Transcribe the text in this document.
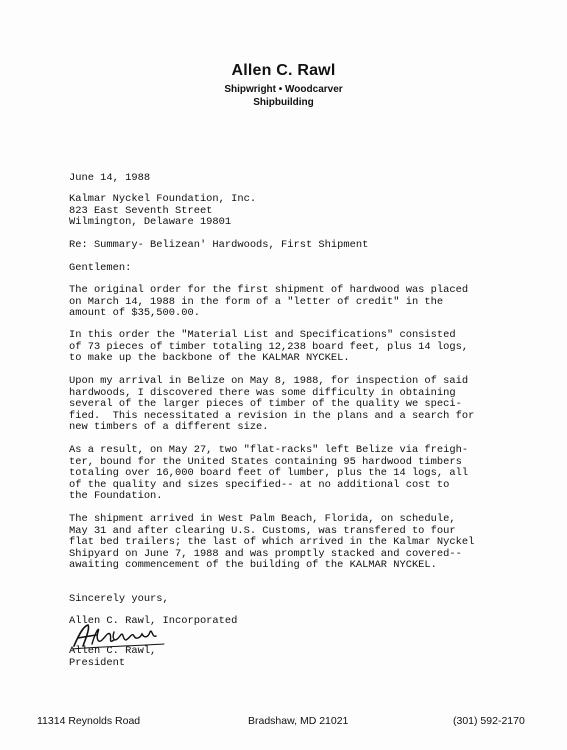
Allen C. Rawl
Shipwright • Woodcarver
Shipbuilding
June 14, 1988
Kalmar Nyckel Foundation, Inc.
823 East Seventh Street
Wilmington, Delaware 19801
Re: Summary- Belizean' Hardwoods, First Shipment
Gentlemen:
The original order for the first shipment of hardwood was placed
on March 14, 1988 in the form of a "letter of credit" in the
amount of $35,500.00.
In this order the "Material List and Specifications" consisted
of 73 pieces of timber totaling 12,238 board feet, plus 14 logs,
to make up the backbone of the KALMAR NYCKEL.
Upon my arrival in Belize on May 8, 1988, for inspection of said
hardwoods, I discovered there was some difficulty in obtaining
several of the larger pieces of timber of the quality we speci-
fied.  This necessitated a revision in the plans and a search for
new timbers of a different size.
As a result, on May 27, two "flat-racks" left Belize via freigh-
ter, bound for the United States containing 95 hardwood timbers
totaling over 16,000 board feet of lumber, plus the 14 logs, all
of the quality and sizes specified-- at no additional cost to
the Foundation.
The shipment arrived in West Palm Beach, Florida, on schedule,
May 31 and after clearing U.S. Customs, was transfered to four
flat bed trailers; the last of which arrived in the Kalmar Nyckel
Shipyard on June 7, 1988 and was promptly stacked and covered--
awaiting commencement of the building of the KALMAR NYCKEL.
Sincerely yours,
Allen C. Rawl, Incorporated
Allen C. Rawl,
President
11314 Reynolds Road	Bradshaw, MD 21021	(301) 592-2170
